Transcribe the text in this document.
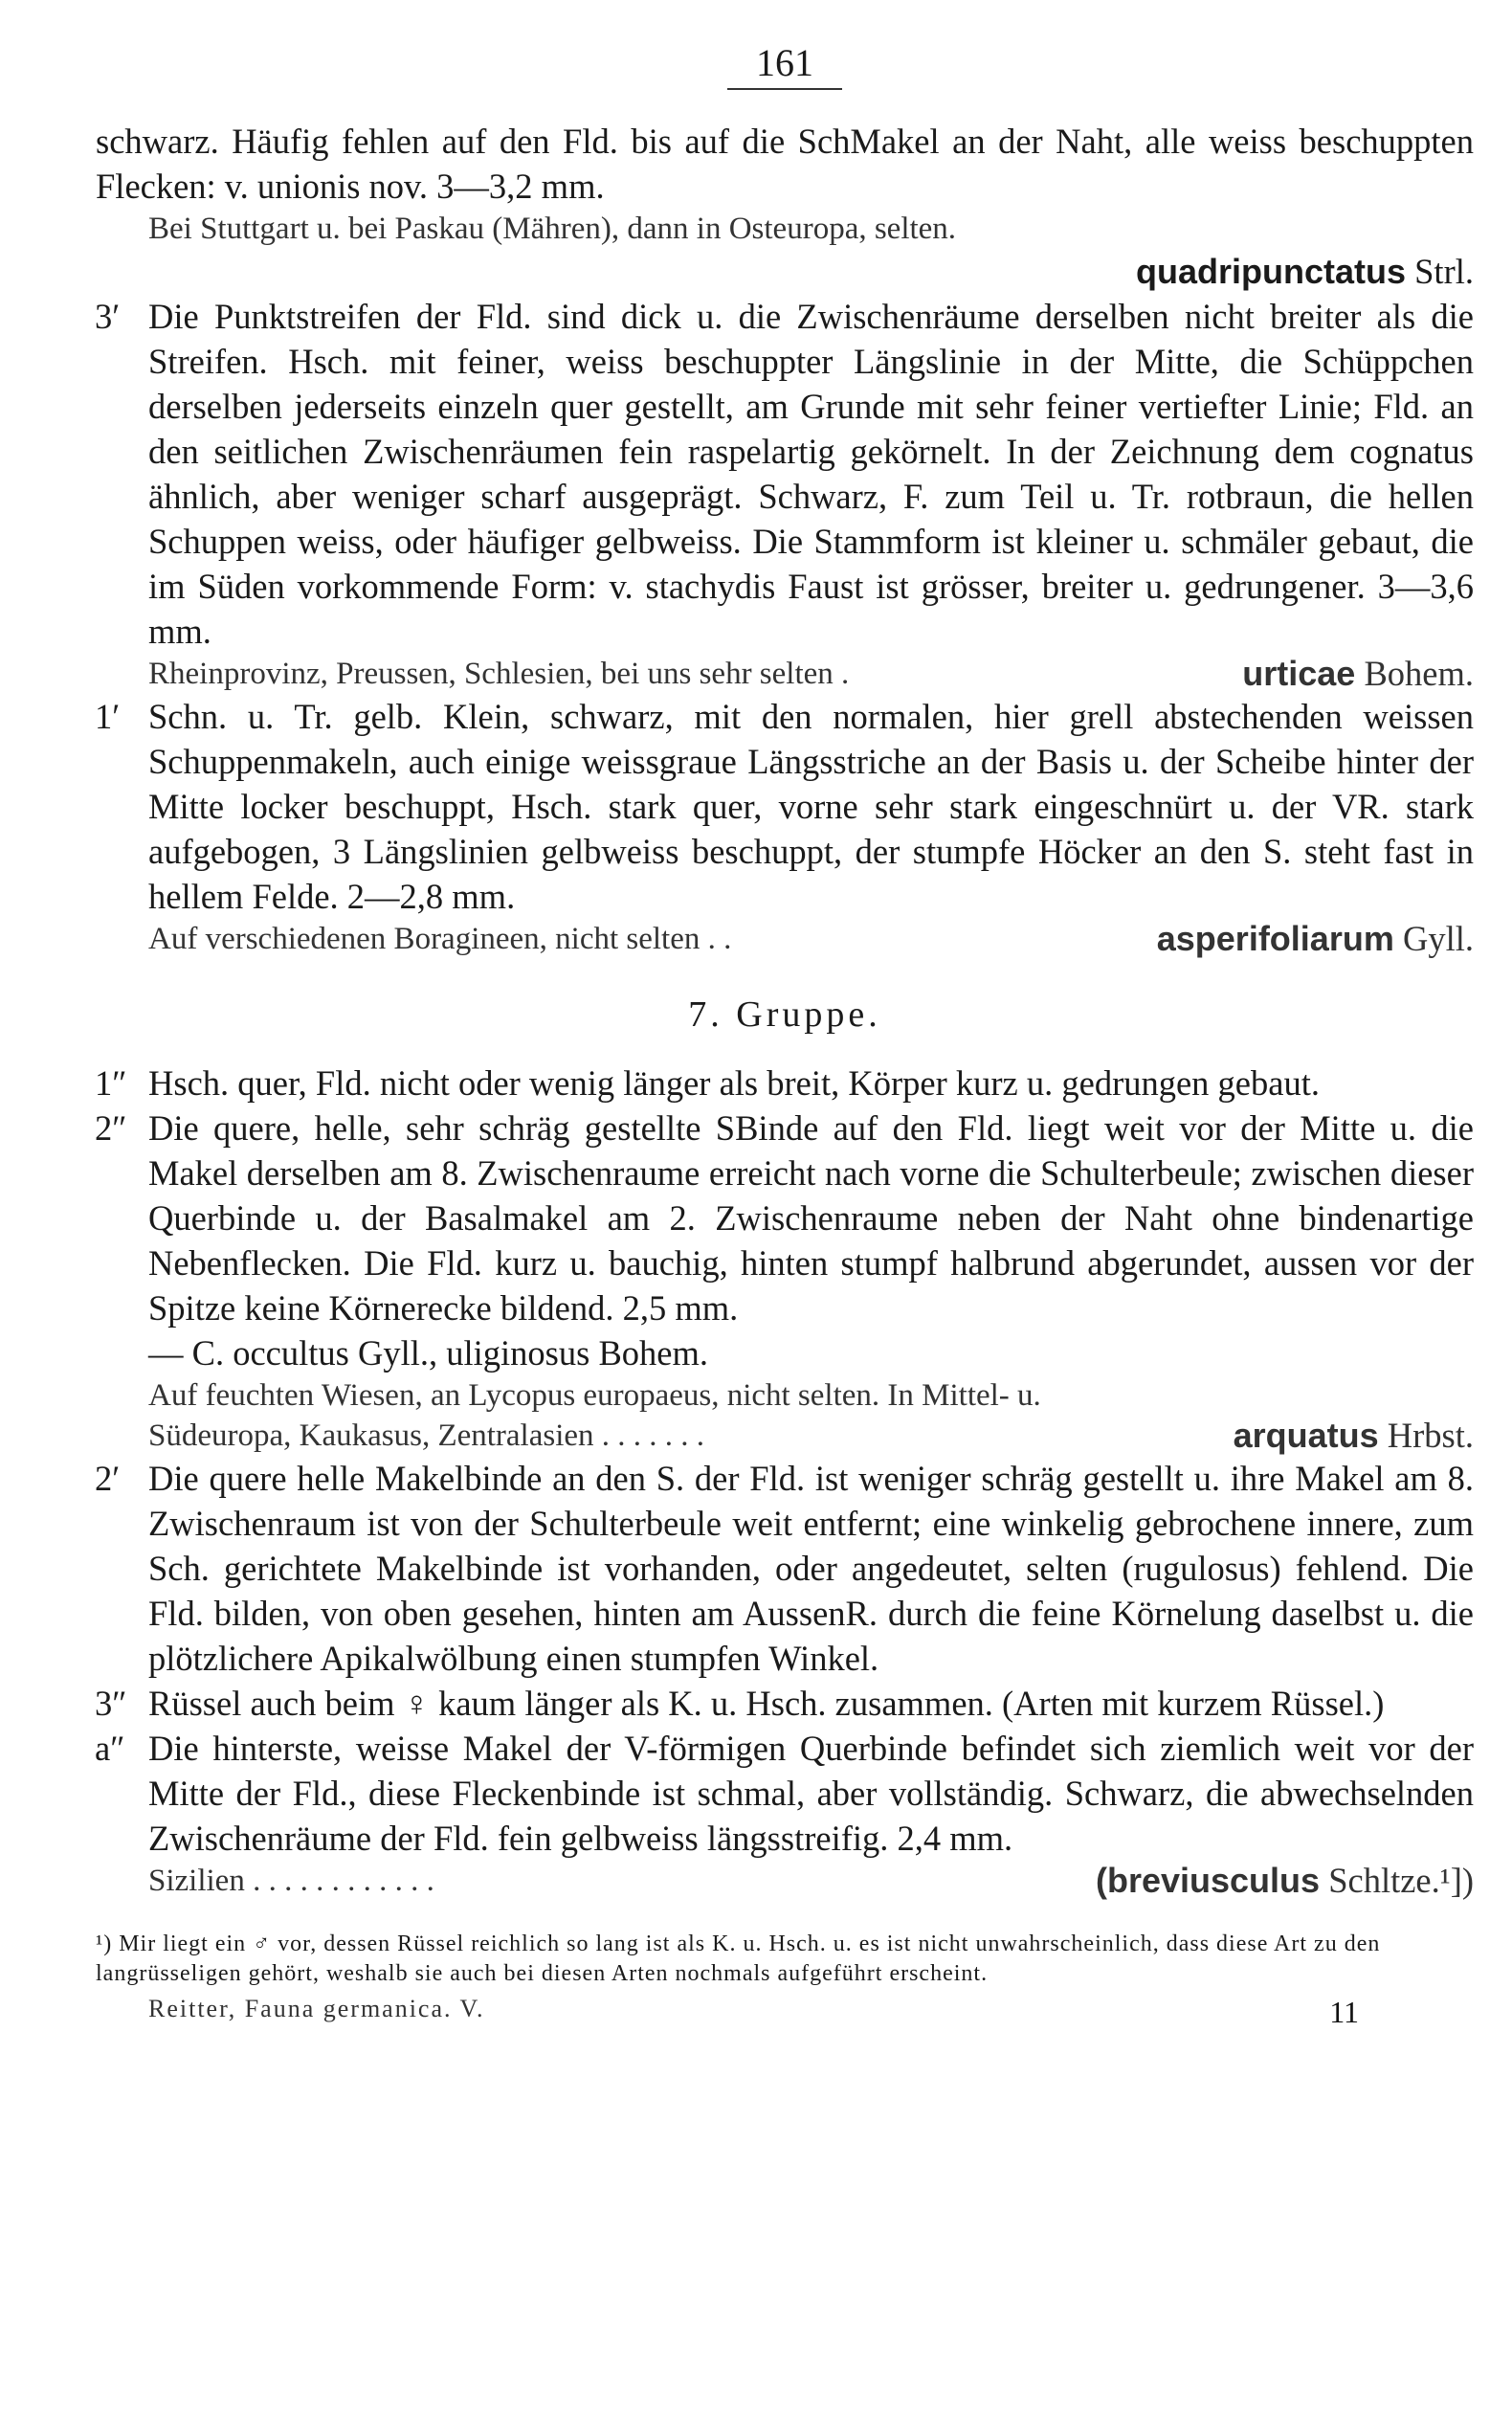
161

schwarz. Häufig fehlen auf den Fld. bis auf die SchMakel an der Naht, alle weiss beschuppten Flecken: v. unionis nov. 3—3,2 mm.

Bei Stuttgart u. bei Paskau (Mähren), dann in Osteuropa, selten.

quadripunctatus Strl.

3′ Die Punktstreifen der Fld. sind dick u. die Zwischenräume derselben nicht breiter als die Streifen. Hsch. mit feiner, weiss beschuppter Längslinie in der Mitte, die Schüppchen derselben jederseits einzeln quer gestellt, am Grunde mit sehr feiner vertiefter Linie; Fld. an den seitlichen Zwischenräumen fein raspelartig gekörnelt. In der Zeichnung dem cognatus ähnlich, aber weniger scharf ausgeprägt. Schwarz, F. zum Teil u. Tr. rotbraun, die hellen Schuppen weiss, oder häufiger gelbweiss. Die Stammform ist kleiner u. schmäler gebaut, die im Süden vorkommende Form: v. stachydis Faust ist grösser, breiter u. gedrungener. 3—3,6 mm.

Rheinprovinz, Preussen, Schlesien, bei uns sehr selten .	urticae Bohem.

1′ Schn. u. Tr. gelb. Klein, schwarz, mit den normalen, hier grell abstechenden weissen Schuppenmakeln, auch einige weissgraue Längsstriche an der Basis u. der Scheibe hinter der Mitte locker beschuppt, Hsch. stark quer, vorne sehr stark eingeschnürt u. der VR. stark aufgebogen, 3 Längslinien gelbweiss beschuppt, der stumpfe Höcker an den S. steht fast in hellem Felde. 2—2,8 mm.

Auf verschiedenen Boragineen, nicht selten . .	asperifoliarum Gyll.

7. Gruppe.

1″ Hsch. quer, Fld. nicht oder wenig länger als breit, Körper kurz u. gedrungen gebaut.
2″ Die quere, helle, sehr schräg gestellte SBinde auf den Fld. liegt weit vor der Mitte u. die Makel derselben am 8. Zwischenraume erreicht nach vorne die Schulterbeule; zwischen dieser Querbinde u. der Basalmakel am 2. Zwischenraume neben der Naht ohne bindenartige Nebenflecken. Die Fld. kurz u. bauchig, hinten stumpf halbrund abgerundet, aussen vor der Spitze keine Körnerecke bildend. 2,5 mm.
— C. occultus Gyll., uliginosus Bohem.

Auf feuchten Wiesen, an Lycopus europaeus, nicht selten. In Mittel- u.

Südeuropa, Kaukasus, Zentralasien . . . . . . .	arquatus Hrbst.

2′ Die quere helle Makelbinde an den S. der Fld. ist weniger schräg gestellt u. ihre Makel am 8. Zwischenraum ist von der Schulterbeule weit entfernt; eine winkelig gebrochene innere, zum Sch. gerichtete Makelbinde ist vorhanden, oder angedeutet, selten (rugulosus) fehlend. Die Fld. bilden, von oben gesehen, hinten am AussenR. durch die feine Körnelung daselbst u. die plötzlichere Apikalwölbung einen stumpfen Winkel.
3″ Rüssel auch beim ♀ kaum länger als K. u. Hsch. zusammen. (Arten mit kurzem Rüssel.)
a″ Die hinterste, weisse Makel der V-förmigen Querbinde befindet sich ziemlich weit vor der Mitte der Fld., diese Fleckenbinde ist schmal, aber vollständig. Schwarz, die abwechselnden Zwischenräume der Fld. fein gelbweiss längsstreifig. 2,4 mm.

Sizilien . . . . . . . . . . . .	(breviusculus Schltze.¹])

¹) Mir liegt ein ♂ vor, dessen Rüssel reichlich so lang ist als K. u. Hsch. u. es ist nicht unwahrscheinlich, dass diese Art zu den langrüsseligen gehört, weshalb sie auch bei diesen Arten nochmals aufgeführt erscheint.

Reitter, Fauna germanica. V.	11
